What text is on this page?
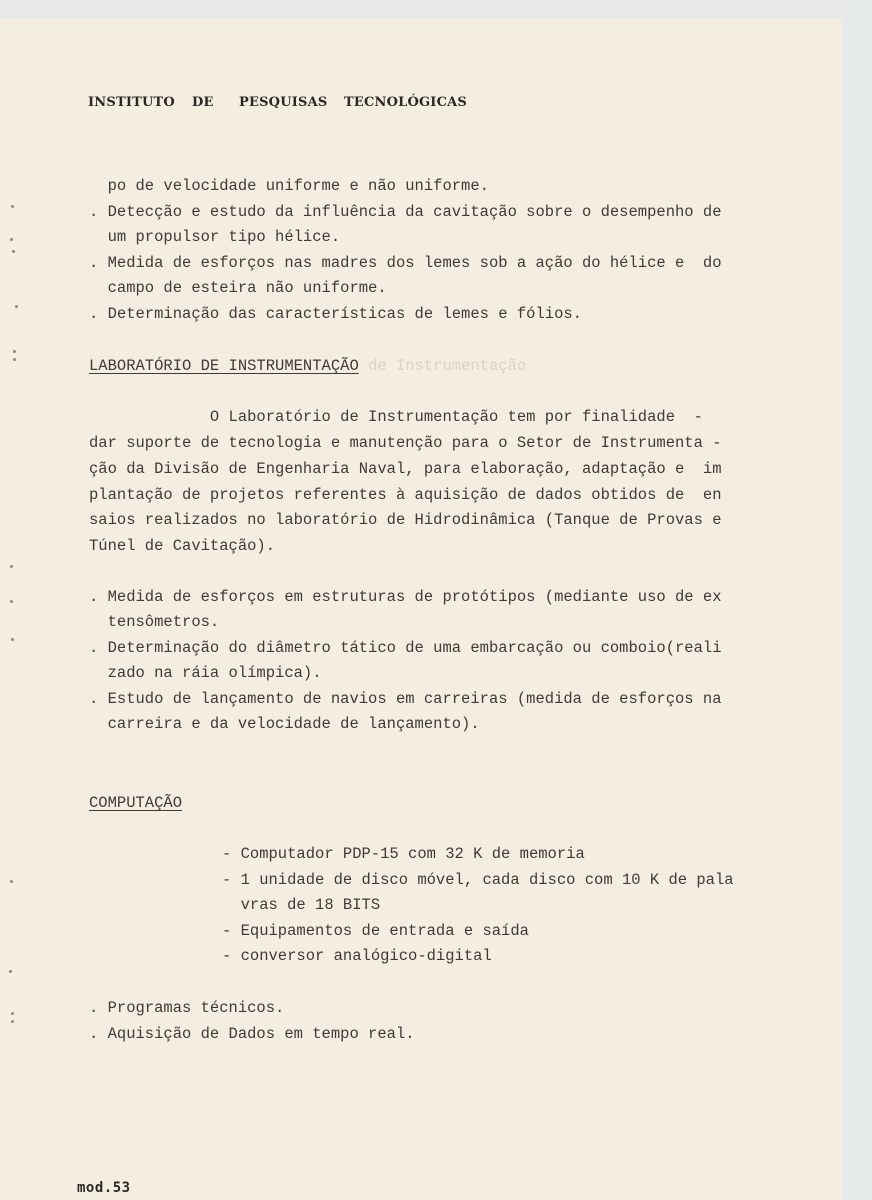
INSTITUTO DE PESQUISAS TECNOLÓGICAS
po de velocidade uniforme e não uniforme.
. Detecção e estudo da influência da cavitação sobre o desempenho de
um propulsor tipo hélice.
. Medida de esforços nas madres dos lemes sob a ação do hélice e  do
campo de esteira não uniforme.
. Determinação das características de lemes e fólios.
LABORATÓRIO DE INSTRUMENTAÇÃO de Instrumentação
O Laboratório de Instrumentação tem por finalidade  -
dar suporte de tecnologia e manutenção para o Setor de Instrumenta -
ção da Divisão de Engenharia Naval, para elaboração, adaptação e  im
plantação de projetos referentes à aquisição de dados obtidos de  en
saios realizados no laboratório de Hidrodinâmica (Tanque de Provas e
Túnel de Cavitação).
. Medida de esforços em estruturas de protótipos (mediante uso de ex
tensômetros.
. Determinação do diâmetro tático de uma embarcação ou comboio(reali
zado na ráia olímpica).
. Estudo de lançamento de navios em carreiras (medida de esforços na
carreira e da velocidade de lançamento).
COMPUTAÇÃO
- Computador PDP-15 com 32 K de memoria
- 1 unidade de disco móvel, cada disco com 10 K de pala
vras de 18 BITS
- Equipamentos de entrada e saída
- conversor analógico-digital
. Programas técnicos.
. Aquisição de Dados em tempo real.
mod.53
